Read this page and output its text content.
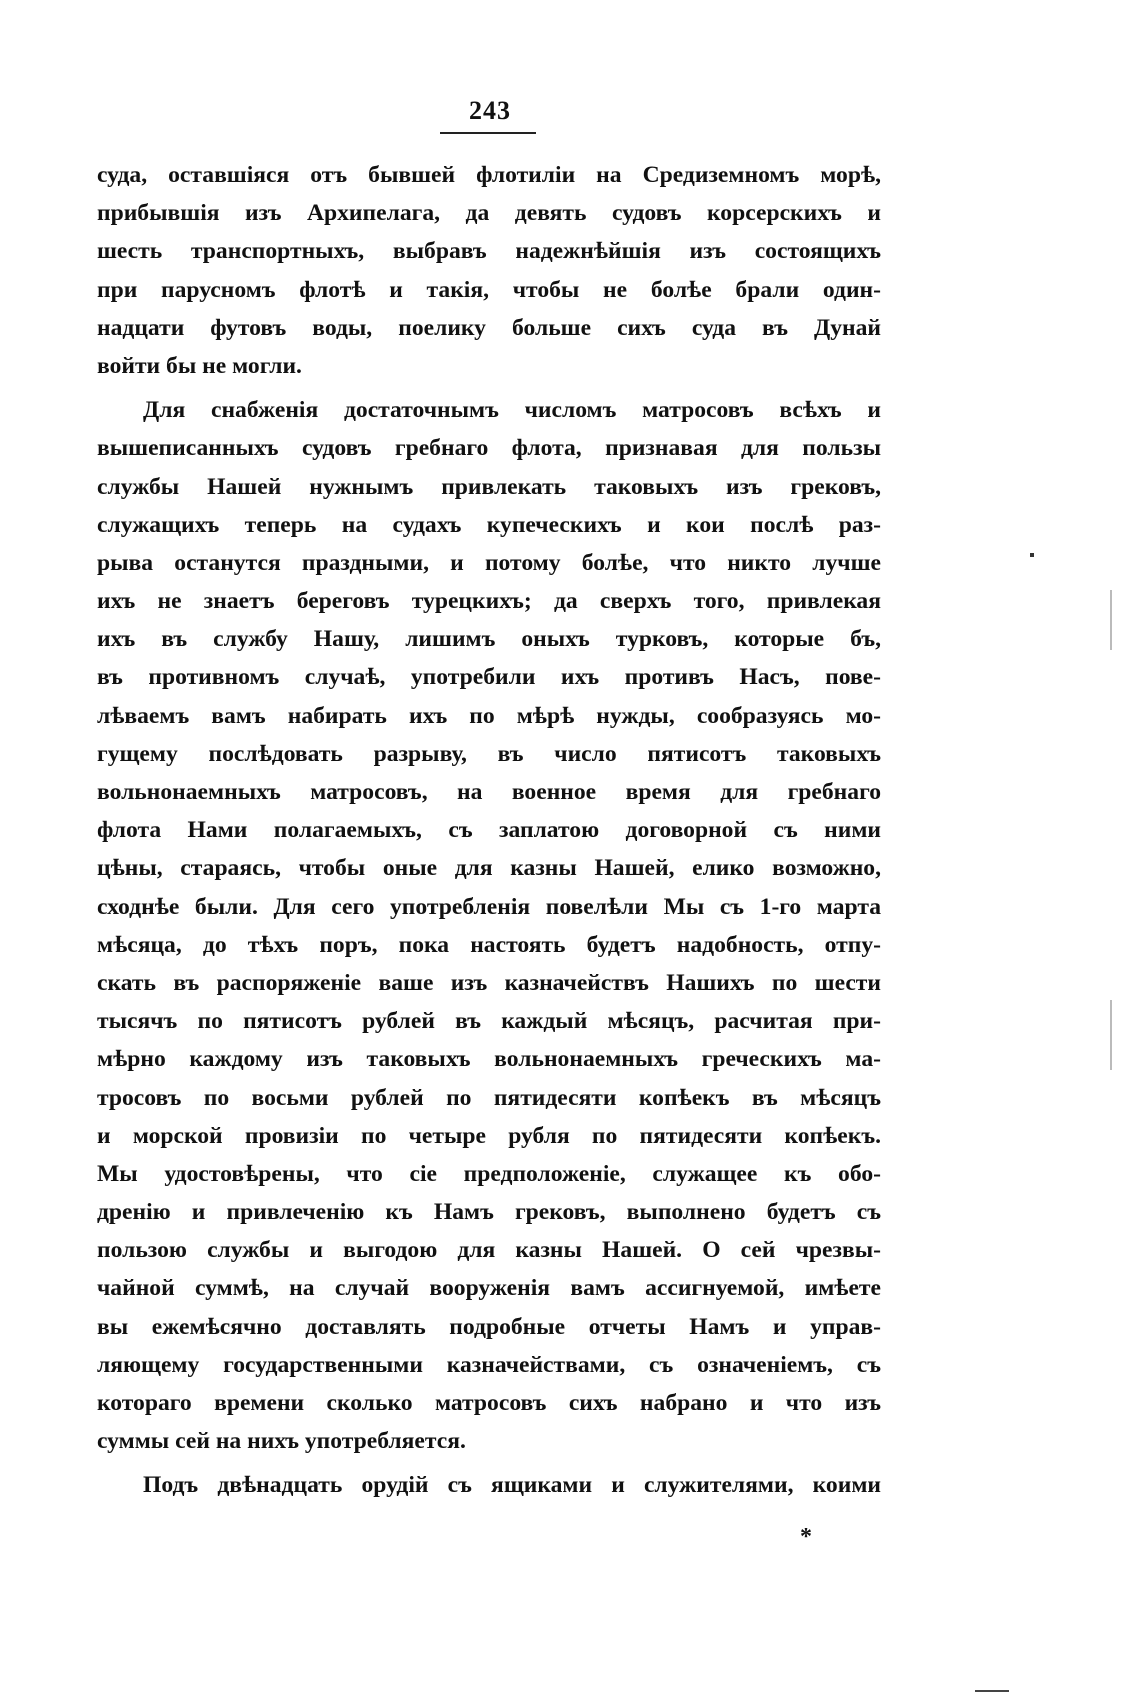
243
суда, оставшіяся отъ бывшей флотиліи на Средиземномъ морѣ,
прибывшія изъ Архипелага, да девять судовъ корсерскихъ и
шесть транспортныхъ, выбравъ надежнѣйшія изъ состоящихъ
при парусномъ флотѣ и такія, чтобы не болѣе брали один-
надцати футовъ воды, поелику больше сихъ суда въ Дунай
войти бы не могли.
Для снабженія достаточнымъ числомъ матросовъ всѣхъ и
вышеписанныхъ судовъ гребнаго флота, признавая для пользы
службы Нашей нужнымъ привлекать таковыхъ изъ грековъ,
служащихъ теперь на судахъ купеческихъ и кои послѣ раз-
рыва останутся праздными, и потому болѣе, что никто лучше
ихъ не знаетъ береговъ турецкихъ; да сверхъ того, привлекая
ихъ въ службу Нашу, лишимъ оныхъ турковъ, которые бъ,
въ противномъ случаѣ, употребили ихъ противъ Насъ, пове-
лѣваемъ вамъ набирать ихъ по мѣрѣ нужды, сообразуясь мо-
гущему послѣдовать разрыву, въ число пятисотъ таковыхъ
вольнонаемныхъ матросовъ, на военное время для гребнаго
флота Нами полагаемыхъ, съ заплатою договорной съ ними
цѣны, стараясь, чтобы оные для казны Нашей, елико возможно,
сходнѣе были. Для сего употребленія повелѣли Мы съ 1-го марта
мѣсяца, до тѣхъ поръ, пока настоять будетъ надобность, отпу-
скать въ распоряженіе ваше изъ казначействъ Нашихъ по шести
тысячъ по пятисотъ рублей въ каждый мѣсяцъ, расчитая при-
мѣрно каждому изъ таковыхъ вольнонаемныхъ греческихъ ма-
тросовъ по восьми рублей по пятидесяти копѣекъ въ мѣсяцъ
и морской провизіи по четыре рубля по пятидесяти копѣекъ.
Мы удостовѣрены, что сіе предположеніе, служащее къ обо-
дренію и привлеченію къ Намъ грековъ, выполнено будетъ съ
пользою службы и выгодою для казны Нашей. О сей чрезвы-
чайной суммѣ, на случай вооруженія вамъ ассигнуемой, имѣете
вы ежемѣсячно доставлять подробные отчеты Намъ и управ-
ляющему государственными казначействами, съ означеніемъ, съ
котораго времени сколько матросовъ сихъ набрано и что изъ
суммы сей на нихъ употребляется.
Подъ двѣнадцать орудій съ ящиками и служителями, коими
*
